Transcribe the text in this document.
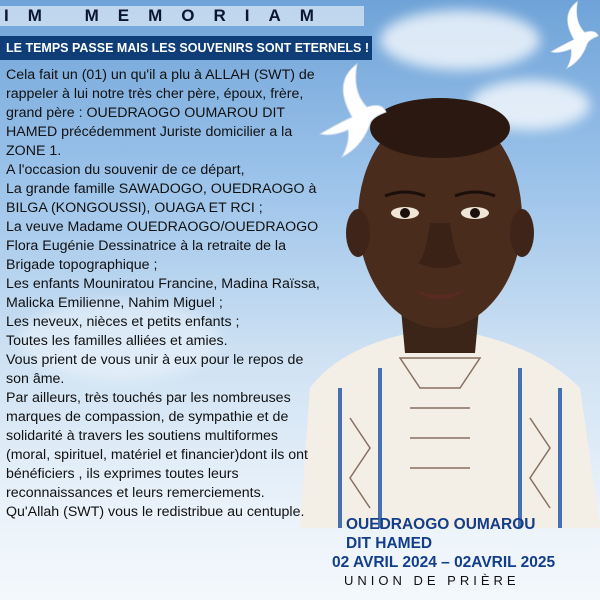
IM MEMORIAM
LE TEMPS PASSE MAIS LES SOUVENIRS SONT ETERNELS !
Cela fait un (01) un qu'il a plu à ALLAH (SWT) de
rappeler à lui notre très cher père, époux, frère,
grand père : OUEDRAOGO OUMAROU DIT
HAMED précédemment Juriste domicilier a la
ZONE 1.
A l'occasion du souvenir de ce départ,
La grande famille SAWADOGO, OUEDRAOGO à
BILGA (KONGOUSSI), OUAGA ET RCI ;
La veuve Madame OUEDRAOGO/OUEDRAOGO
Flora Eugénie Dessinatrice à la retraite de la
Brigade topographique ;
Les enfants Mouniratou Francine, Madina Raïssa,
Malicka Emilienne, Nahim Miguel ;
Les neveux, nièces et petits enfants ;
Toutes les familles alliées et amies.
Vous prient de vous unir à eux pour le repos de
son âme.
Par ailleurs, très touchés par les nombreuses
marques de compassion, de sympathie et de
solidarité à travers les soutiens multiformes
(moral, spirituel, matériel et financier)dont ils ont
bénéficiers , ils exprimes toutes leurs
reconnaissances et leurs remerciements.
Qu'Allah (SWT) vous le redistribue au centuple.
OUEDRAOGO OUMAROU
DIT HAMED
02 AVRIL 2024 – 02AVRIL 2025
UNION DE PRIÈRE
